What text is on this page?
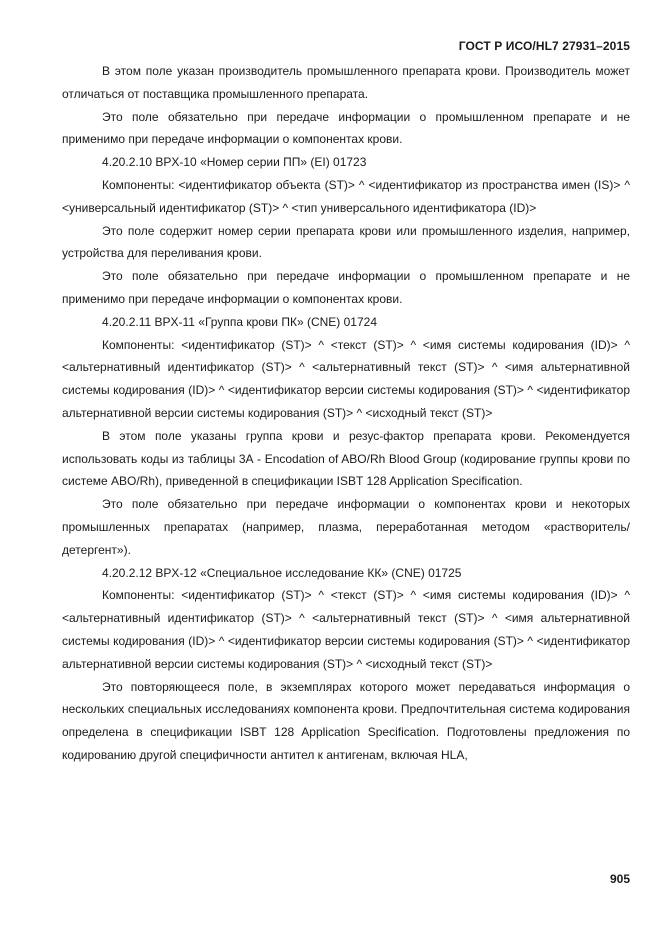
ГОСТ Р ИСО/HL7 27931–2015

В этом поле указан производитель промышленного препарата крови. Производитель может отличаться от поставщика промышленного препарата.

Это поле обязательно при передаче информации о промышленном препарате и не применимо при передаче информации о компонентах крови.

4.20.2.10 BPX-10 «Номер серии ПП» (EI) 01723

Компоненты: <идентификатор объекта (ST)> ^ <идентификатор из пространства имен (IS)> ^ <универсальный идентификатор (ST)> ^ <тип универсального идентификатора (ID)>

Это поле содержит номер серии препарата крови или промышленного изделия, например, устройства для переливания крови.

Это поле обязательно при передаче информации о промышленном препарате и не применимо при передаче информации о компонентах крови.

4.20.2.11 BPX-11 «Группа крови ПК» (CNE) 01724

Компоненты: <идентификатор (ST)> ^ <текст (ST)> ^ <имя системы кодирования (ID)> ^ <альтернативный идентификатор (ST)> ^ <альтернативный текст (ST)> ^ <имя альтернативной системы кодирования (ID)> ^ <идентификатор версии системы кодирования (ST)> ^ <идентификатор альтернативной версии системы кодирования (ST)> ^ <исходный текст (ST)>

В этом поле указаны группа крови и резус-фактор препарата крови. Рекомендуется использовать коды из таблицы 3А - Encodation of ABO/Rh Blood Group (кодирование группы крови по системе ABO/Rh), приведенной в спецификации ISBT 128 Application Specification.

Это поле обязательно при передаче информации о компонентах крови и некоторых промышленных препаратах (например, плазма, переработанная методом «растворитель/детергент»).

4.20.2.12 BPX-12 «Специальное исследование КК» (CNE) 01725

Компоненты: <идентификатор (ST)> ^ <текст (ST)> ^ <имя системы кодирования (ID)> ^ <альтернативный идентификатор (ST)> ^ <альтернативный текст (ST)> ^ <имя альтернативной системы кодирования (ID)> ^ <идентификатор версии системы кодирования (ST)> ^ <идентификатор альтернативной версии системы кодирования (ST)> ^ <исходный текст (ST)>

Это повторяющееся поле, в экземплярах которого может передаваться информация о нескольких специальных исследованиях компонента крови. Предпочтительная система кодирования определена в спецификации ISBT 128 Application Specification. Подготовлены предложения по кодированию другой специфичности антител к антигенам, включая HLA,

905
